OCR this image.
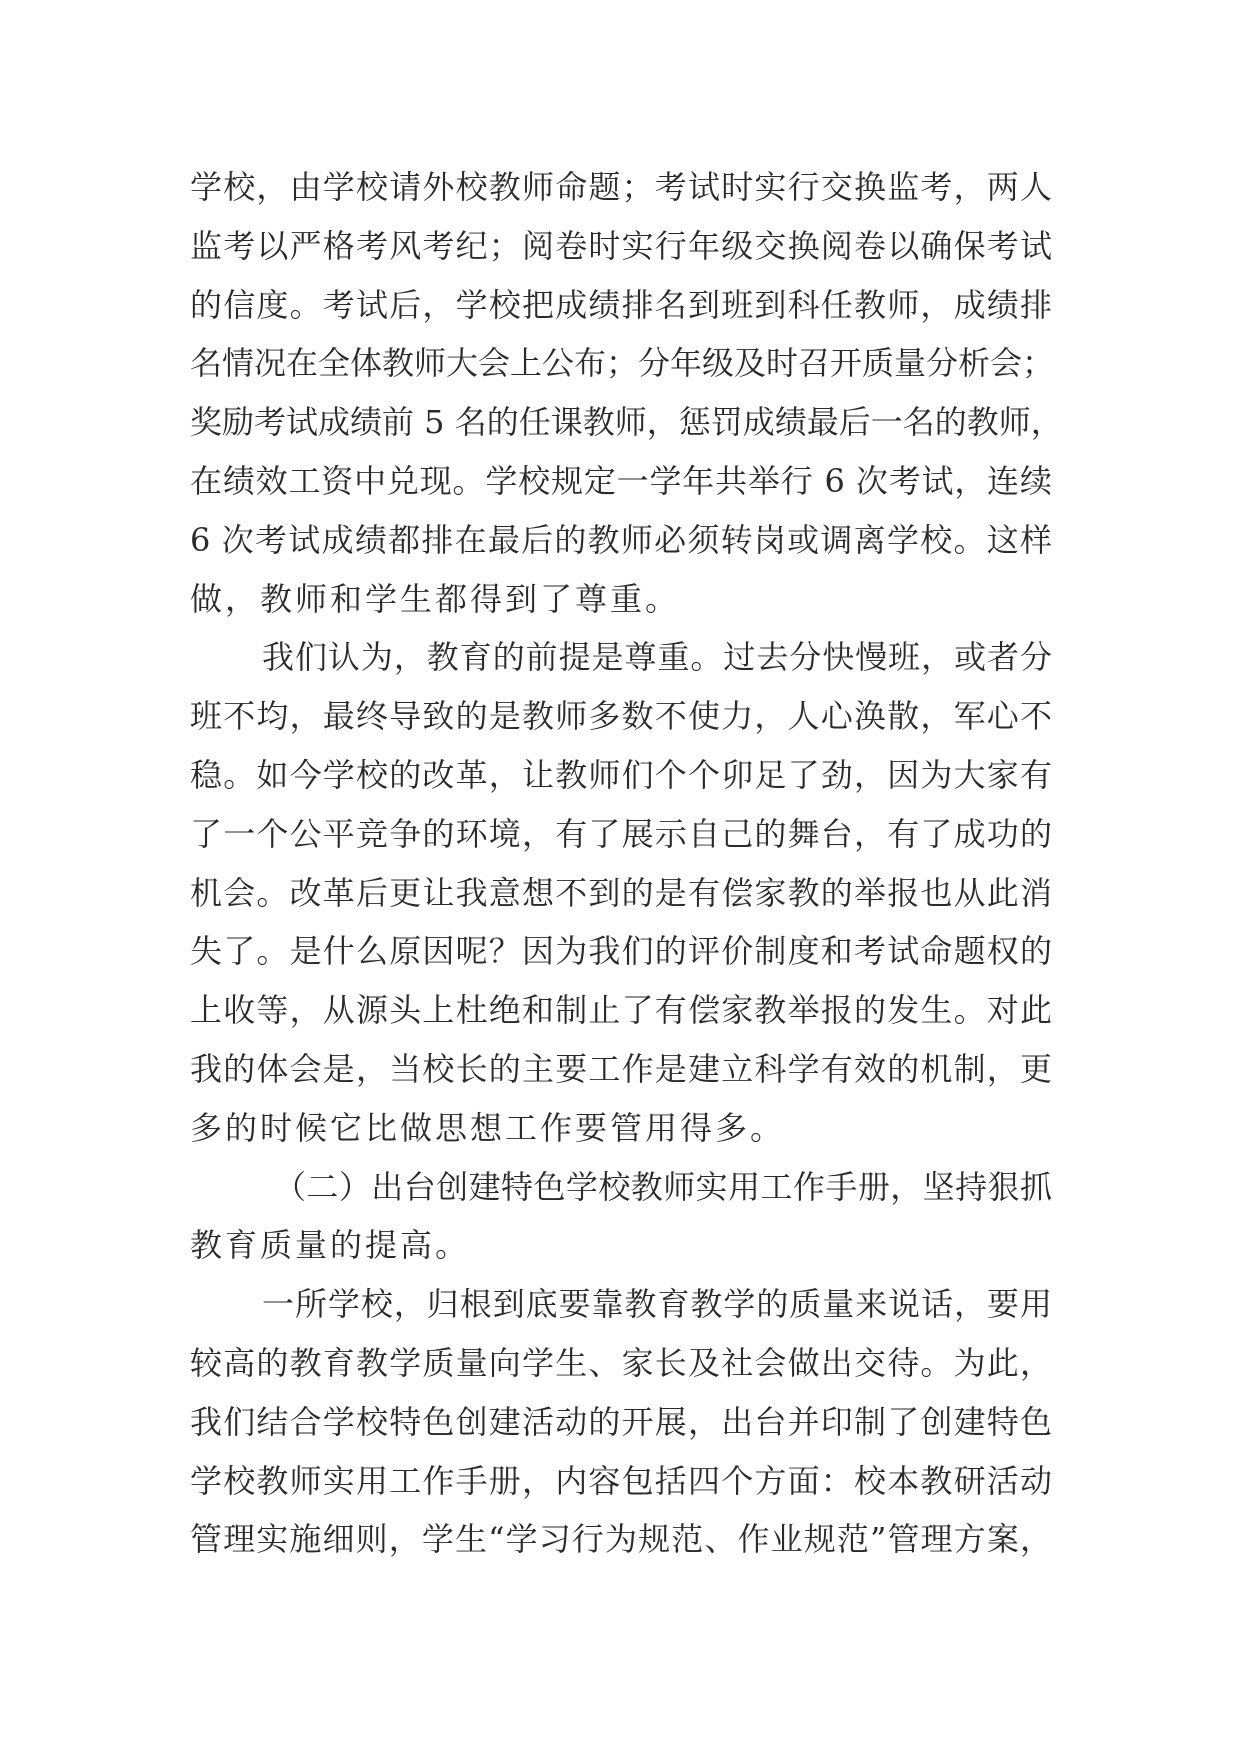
学校，由学校请外校教师命题；考试时实行交换监考，两人
监考以严格考风考纪；阅卷时实行年级交换阅卷以确保考试
的信度。考试后，学校把成绩排名到班到科任教师，成绩排
名情况在全体教师大会上公布；分年级及时召开质量分析会；
奖励考试成绩前 5 名的任课教师，惩罚成绩最后一名的教师，
在绩效工资中兑现。学校规定一学年共举行 6 次考试，连续
6 次考试成绩都排在最后的教师必须转岗或调离学校。这样
做，教师和学生都得到了尊重。
我们认为，教育的前提是尊重。过去分快慢班，或者分
班不均，最终导致的是教师多数不使力，人心涣散，军心不
稳。如今学校的改革，让教师们个个卯足了劲，因为大家有
了一个公平竞争的环境，有了展示自己的舞台，有了成功的
机会。改革后更让我意想不到的是有偿家教的举报也从此消
失了。是什么原因呢？因为我们的评价制度和考试命题权的
上收等，从源头上杜绝和制止了有偿家教举报的发生。对此
我的体会是，当校长的主要工作是建立科学有效的机制，更
多的时候它比做思想工作要管用得多。
（二）出台创建特色学校教师实用工作手册，坚持狠抓
教育质量的提高。
一所学校，归根到底要靠教育教学的质量来说话，要用
较高的教育教学质量向学生、家长及社会做出交待。为此，
我们结合学校特色创建活动的开展，出台并印制了创建特色
学校教师实用工作手册，内容包括四个方面：校本教研活动
管理实施细则，学生“学习行为规范、作业规范”管理方案，
